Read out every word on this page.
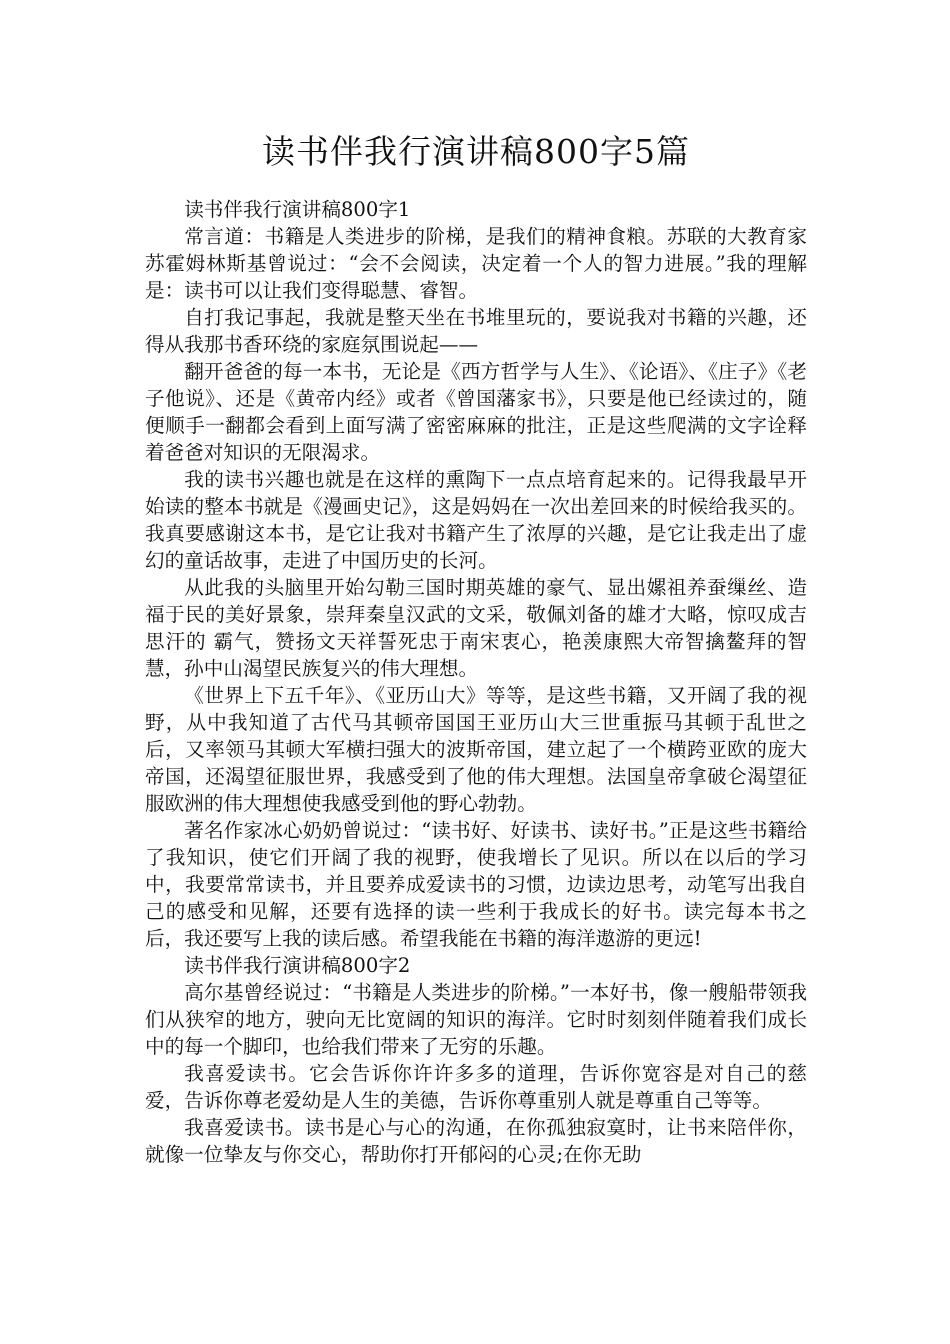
读书伴我行演讲稿800字5篇

读书伴我行演讲稿800字1

常言道：书籍是人类进步的阶梯，是我们的精神食粮。苏联的大教育家苏霍姆林斯基曾说过：“会不会阅读，决定着一个人的智力进展。”我的理解是：读书可以让我们变得聪慧、睿智。

自打我记事起，我就是整天坐在书堆里玩的，要说我对书籍的兴趣，还得从我那书香环绕的家庭氛围说起——

翻开爸爸的每一本书，无论是《西方哲学与人生》、《论语》、《庄子》《老子他说》、还是《黄帝内经》或者《曾国藩家书》，只要是他已经读过的，随便顺手一翻都会看到上面写满了密密麻麻的批注，正是这些爬满的文字诠释着爸爸对知识的无限渴求。

我的读书兴趣也就是在这样的熏陶下一点点培育起来的。记得我最早开始读的整本书就是《漫画史记》，这是妈妈在一次出差回来的时候给我买的。我真要感谢这本书，是它让我对书籍产生了浓厚的兴趣，是它让我走出了虚幻的童话故事，走进了中国历史的长河。

从此我的头脑里开始勾勒三国时期英雄的豪气、显出嫘祖养蚕缫丝、造福于民的美好景象，崇拜秦皇汉武的文采，敬佩刘备的雄才大略，惊叹成吉思汗的 霸气，赞扬文天祥誓死忠于南宋衷心，艳羡康熙大帝智擒鳌拜的智慧，孙中山渴望民族复兴的伟大理想。

《世界上下五千年》、《亚历山大》等等，是这些书籍，又开阔了我的视野，从中我知道了古代马其顿帝国国王亚历山大三世重振马其顿于乱世之后，又率领马其顿大军横扫强大的波斯帝国，建立起了一个横跨亚欧的庞大帝国，还渴望征服世界，我感受到了他的伟大理想。法国皇帝拿破仑渴望征服欧洲的伟大理想使我感受到他的野心勃勃。

著名作家冰心奶奶曾说过：“读书好、好读书、读好书。”正是这些书籍给了我知识，使它们开阔了我的视野，使我增长了见识。所以在以后的学习中，我要常常读书，并且要养成爱读书的习惯，边读边思考，动笔写出我自己的感受和见解，还要有选择的读一些利于我成长的好书。读完每本书之后，我还要写上我的读后感。希望我能在书籍的海洋遨游的更远!

读书伴我行演讲稿800字2

高尔基曾经说过：“书籍是人类进步的阶梯。”一本好书，像一艘船带领我们从狭窄的地方，驶向无比宽阔的知识的海洋。它时时刻刻伴随着我们成长中的每一个脚印，也给我们带来了无穷的乐趣。

我喜爱读书。它会告诉你许许多多的道理，告诉你宽容是对自己的慈爱，告诉你尊老爱幼是人生的美德，告诉你尊重别人就是尊重自己等等。

我喜爱读书。读书是心与心的沟通，在你孤独寂寞时，让书来陪伴你，就像一位挚友与你交心，帮助你打开郁闷的心灵;在你无助
